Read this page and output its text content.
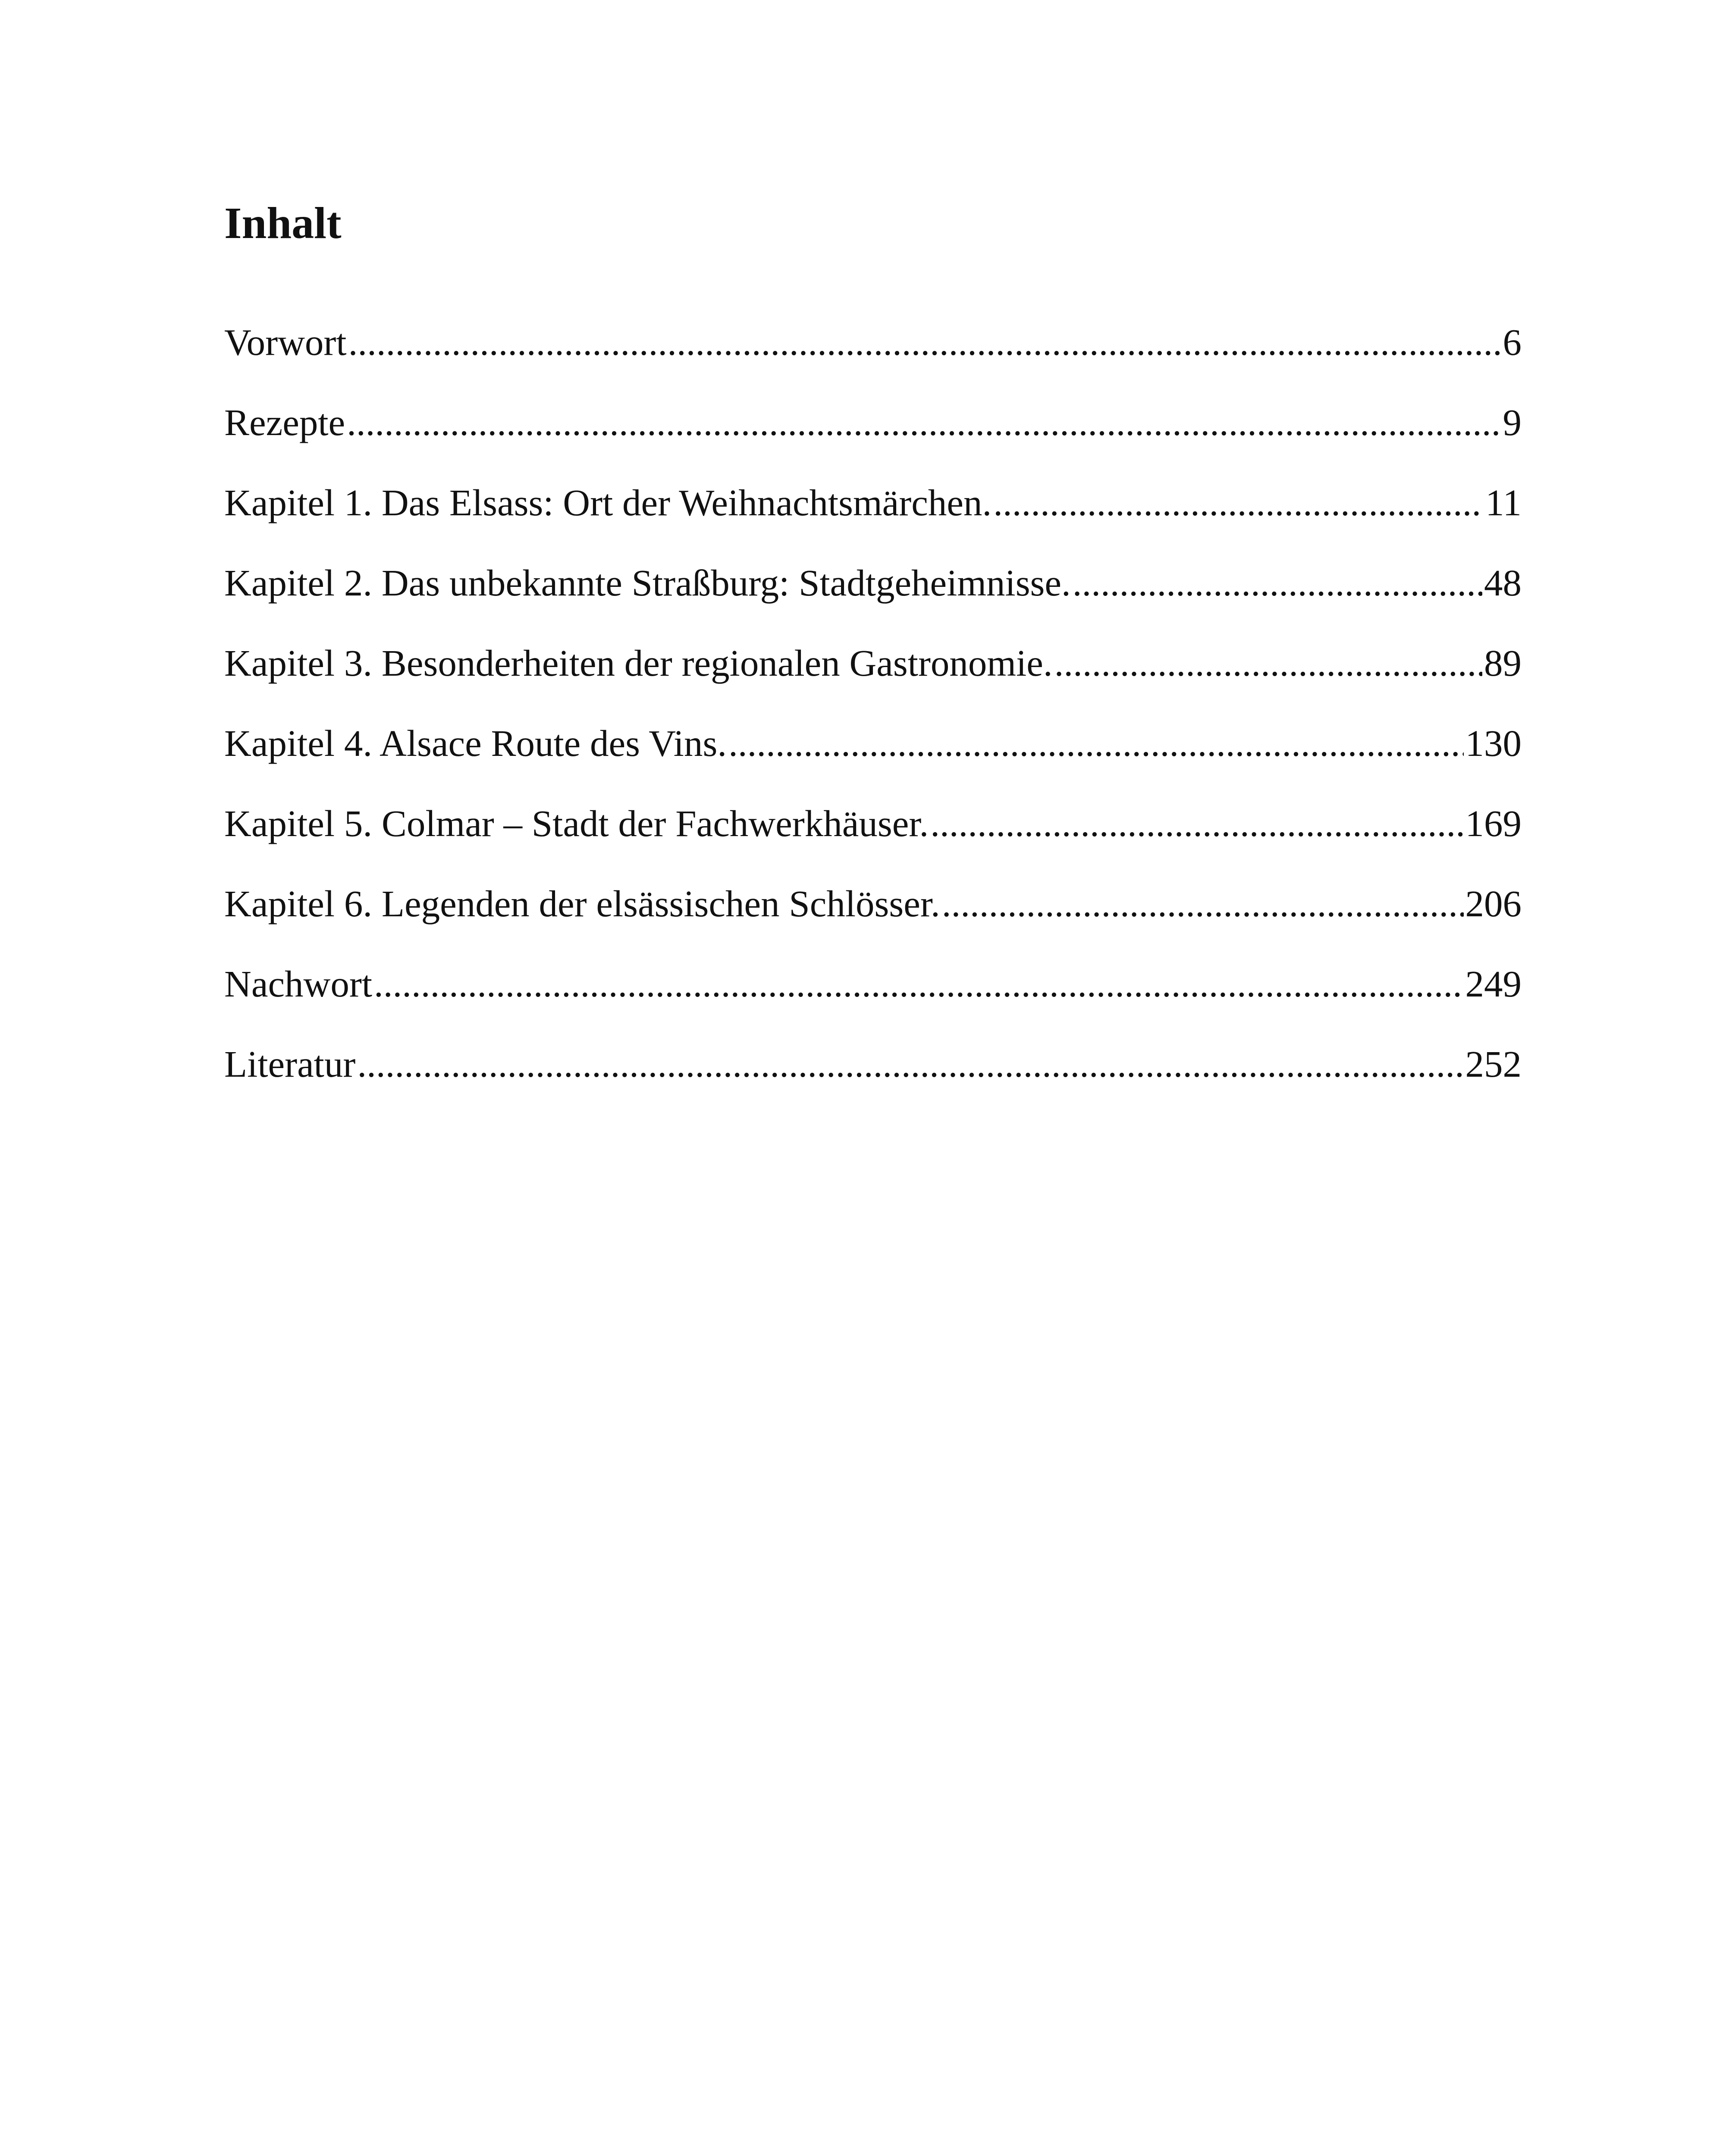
Inhalt
Vorwort .....	6
Rezepte .....	9
Kapitel 1. Das Elsass: Ort der Weihnachtsmärchen. .....	11
Kapitel 2. Das unbekannte Straßburg: Stadtgeheimnisse. .....	48
Kapitel 3. Besonderheiten der regionalen Gastronomie. .....	89
Kapitel 4. Alsace Route des Vins. .....	130
Kapitel 5. Colmar – Stadt der Fachwerkhäuser. .....	169
Kapitel 6. Legenden der elsässischen Schlösser. .....	206
Nachwort .....	249
Literatur .....	252
